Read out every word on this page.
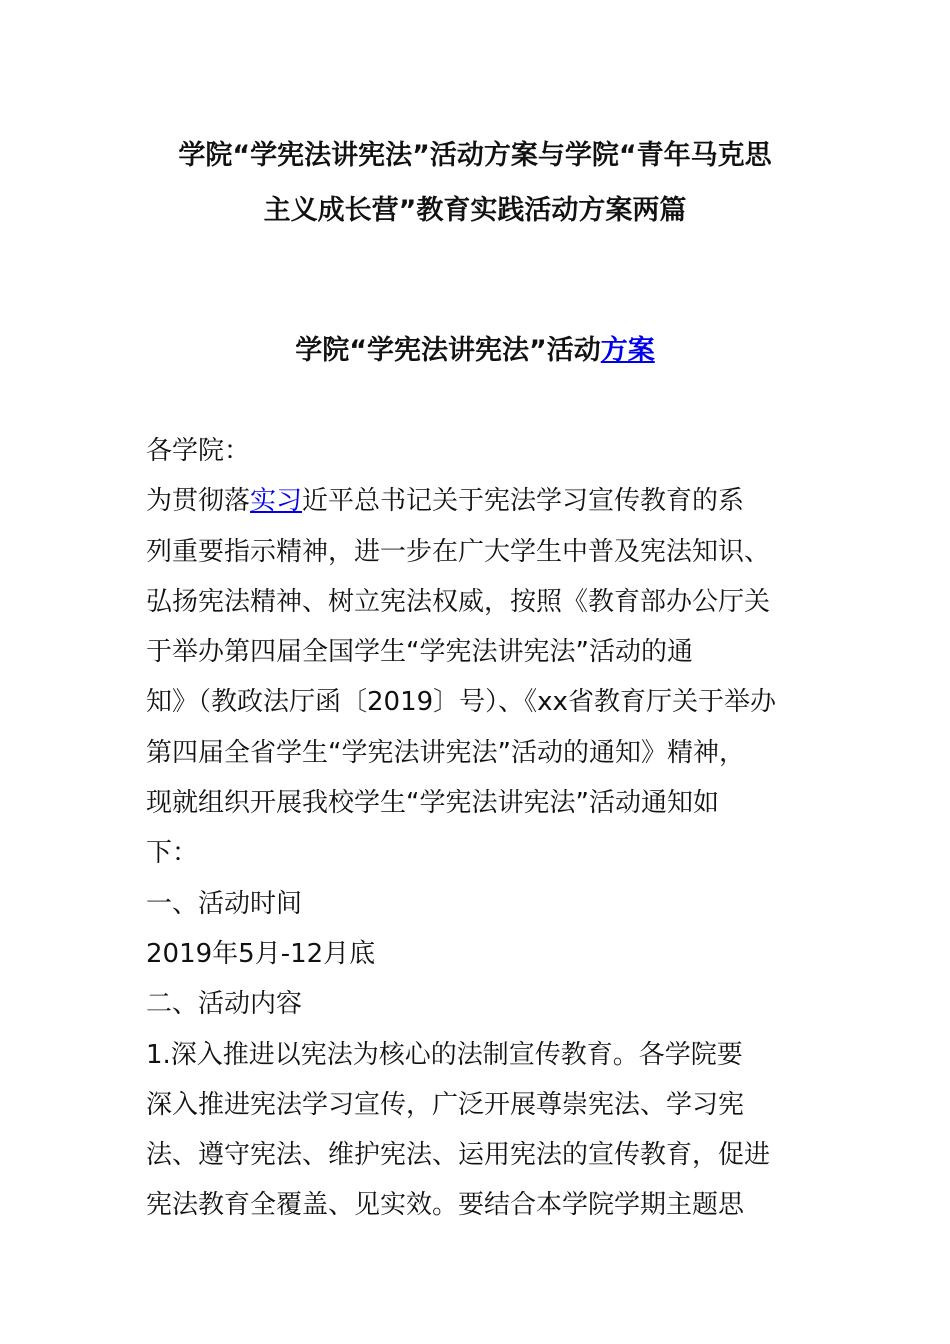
学院“学宪法讲宪法”活动方案与学院“青年马克思
主义成长营”教育实践活动方案两篇
学院“学宪法讲宪法”活动方案
各学院：
为贯彻落实习近平总书记关于宪法学习宣传教育的系
列重要指示精神，进一步在广大学生中普及宪法知识、
弘扬宪法精神、树立宪法权威，按照《教育部办公厅关
于举办第四届全国学生“学宪法讲宪法”活动的通
知》（教政法厅函〔2019〕号）、《xx省教育厅关于举办
第四届全省学生“学宪法讲宪法”活动的通知》精神，
现就组织开展我校学生“学宪法讲宪法”活动通知如
下：
一、活动时间
2019年5月-12月底
二、活动内容
1.深入推进以宪法为核心的法制宣传教育。各学院要
深入推进宪法学习宣传，广泛开展尊崇宪法、学习宪
法、遵守宪法、维护宪法、运用宪法的宣传教育，促进
宪法教育全覆盖、见实效。要结合本学院学期主题思
